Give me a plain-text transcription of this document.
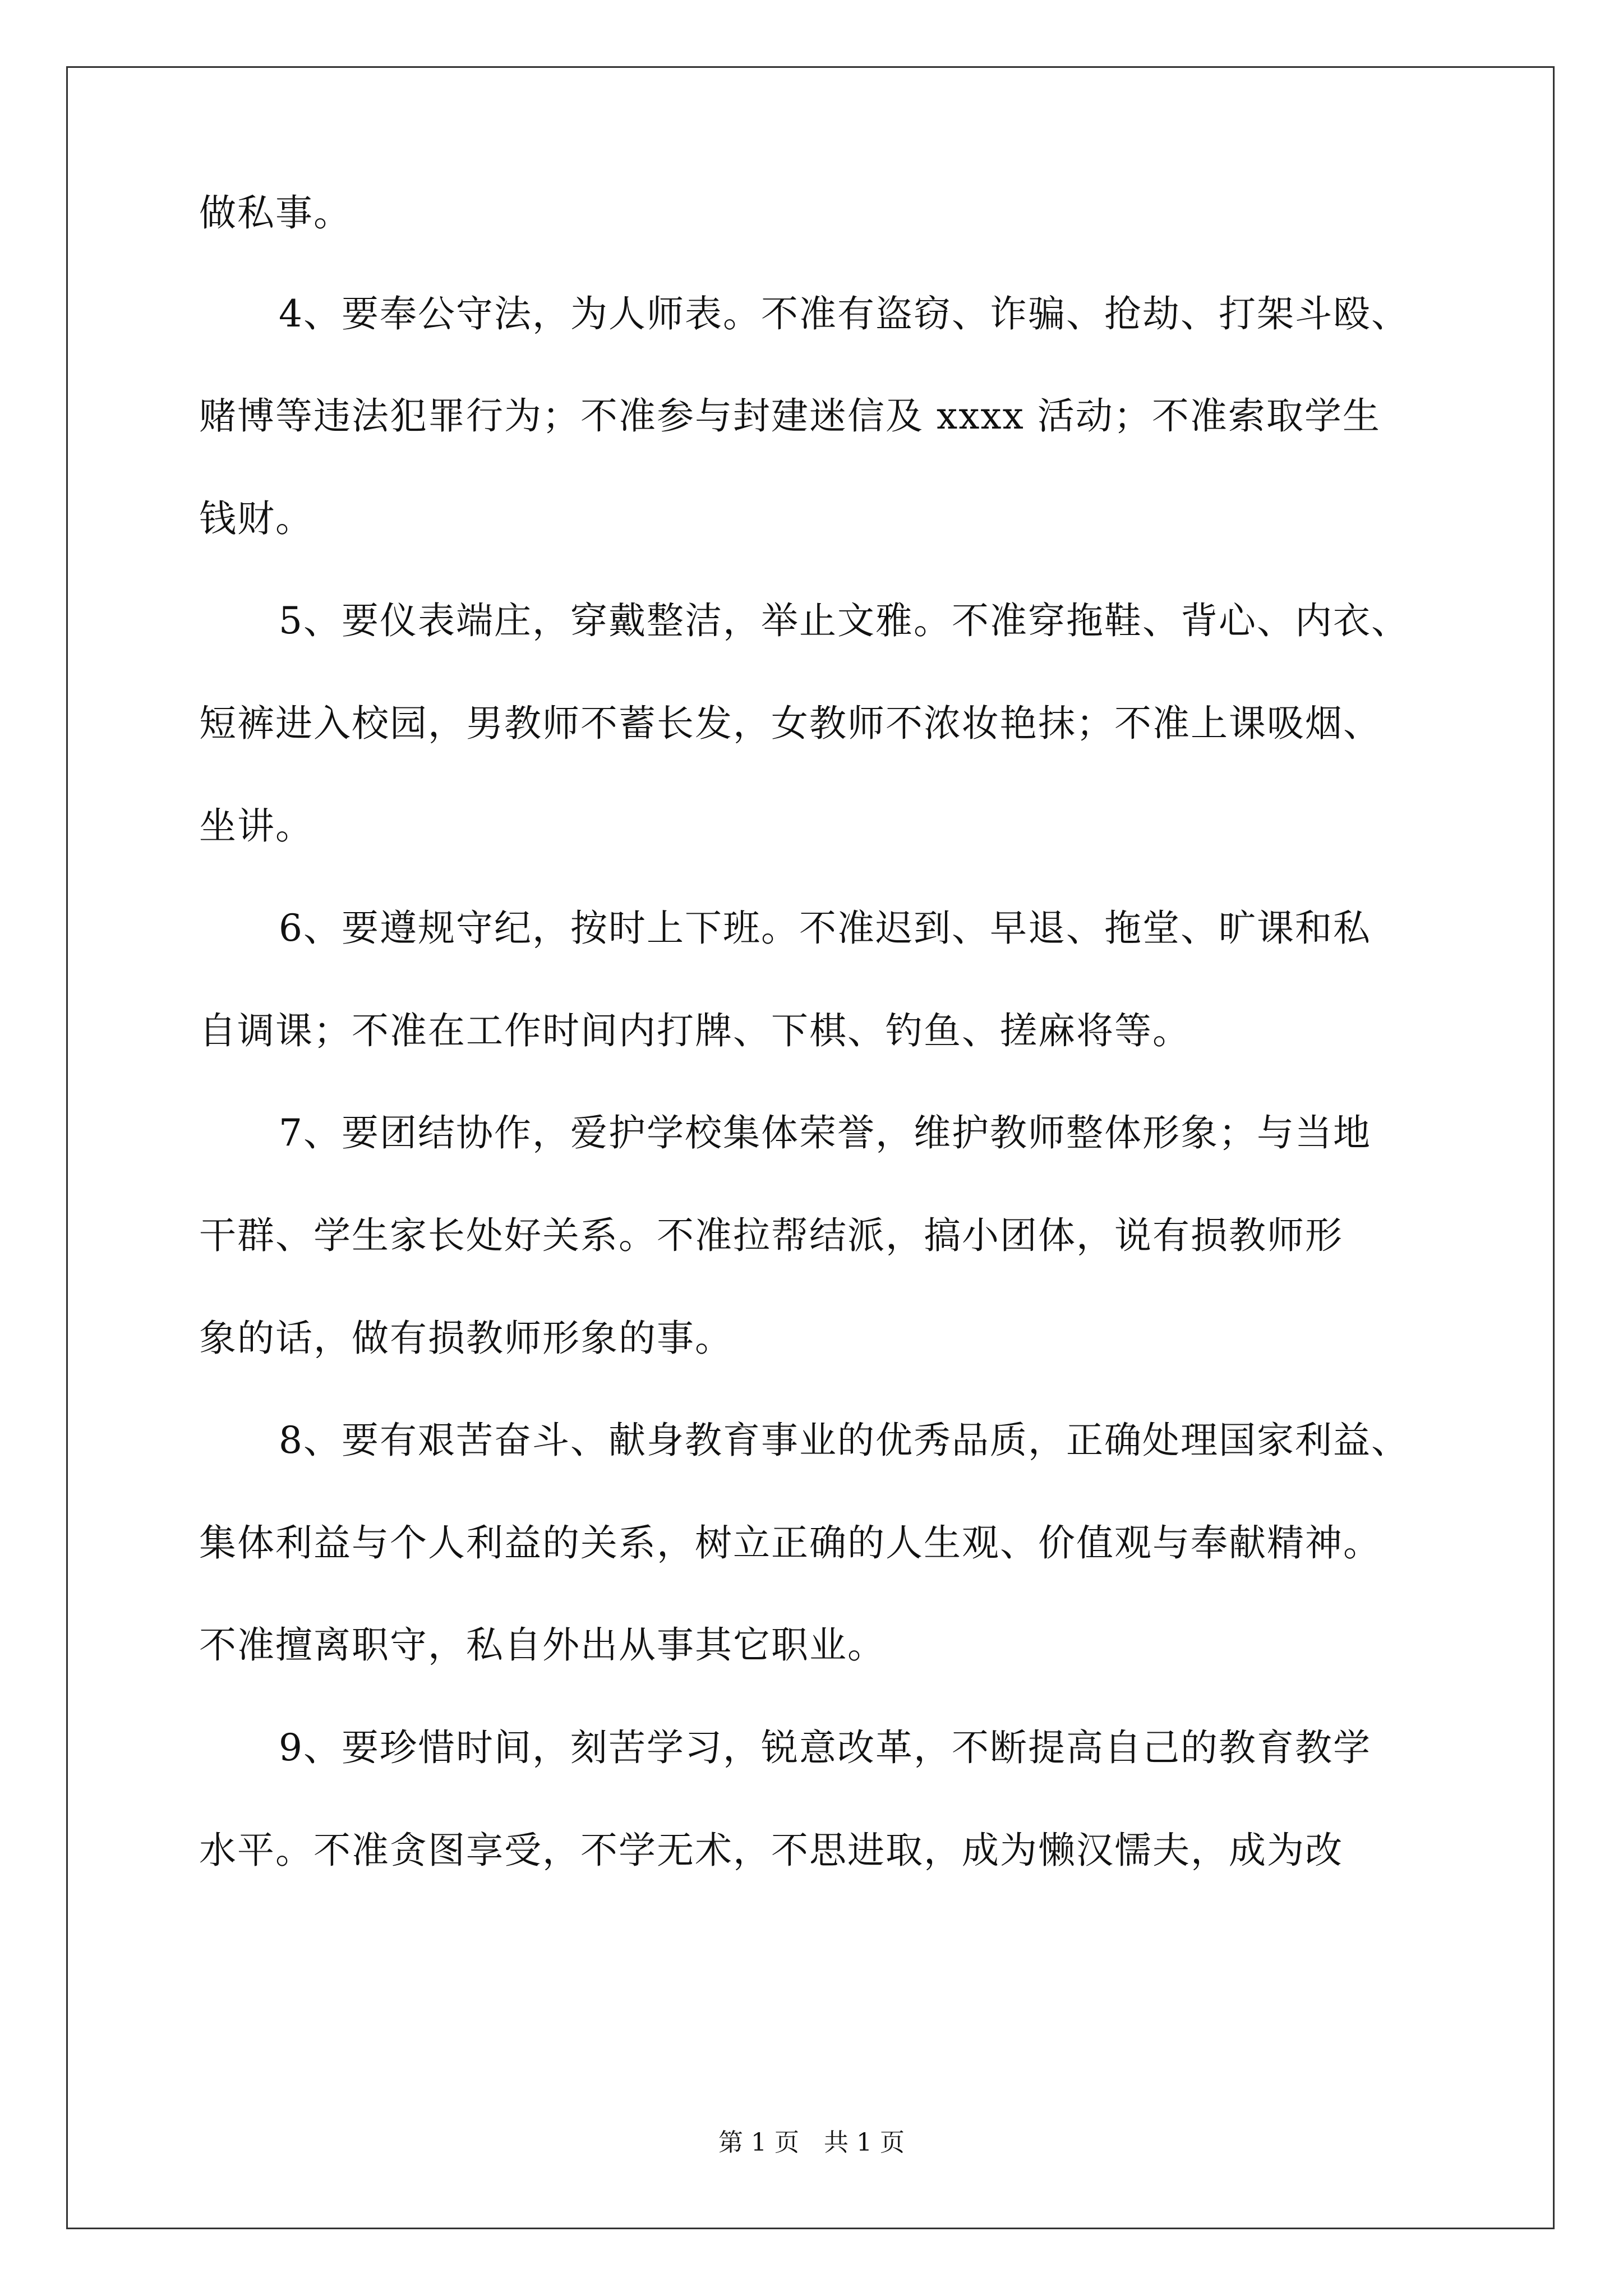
做私事。
4、要奉公守法，为人师表。不准有盗窃、诈骗、抢劫、打架斗殴、
赌博等违法犯罪行为；不准参与封建迷信及 xxxx 活动；不准索取学生
钱财。
5、要仪表端庄，穿戴整洁，举止文雅。不准穿拖鞋、背心、内衣、
短裤进入校园，男教师不蓄长发，女教师不浓妆艳抹；不准上课吸烟、
坐讲。
6、要遵规守纪，按时上下班。不准迟到、早退、拖堂、旷课和私
自调课；不准在工作时间内打牌、下棋、钓鱼、搓麻将等。
7、要团结协作，爱护学校集体荣誉，维护教师整体形象；与当地
干群、学生家长处好关系。不准拉帮结派，搞小团体，说有损教师形
象的话，做有损教师形象的事。
8、要有艰苦奋斗、献身教育事业的优秀品质，正确处理国家利益、
集体利益与个人利益的关系，树立正确的人生观、价值观与奉献精神。
不准擅离职守，私自外出从事其它职业。
9、要珍惜时间，刻苦学习，锐意改革，不断提高自己的教育教学
水平。不准贪图享受，不学无术，不思进取，成为懒汉懦夫，成为改
第 1 页　共 1 页
